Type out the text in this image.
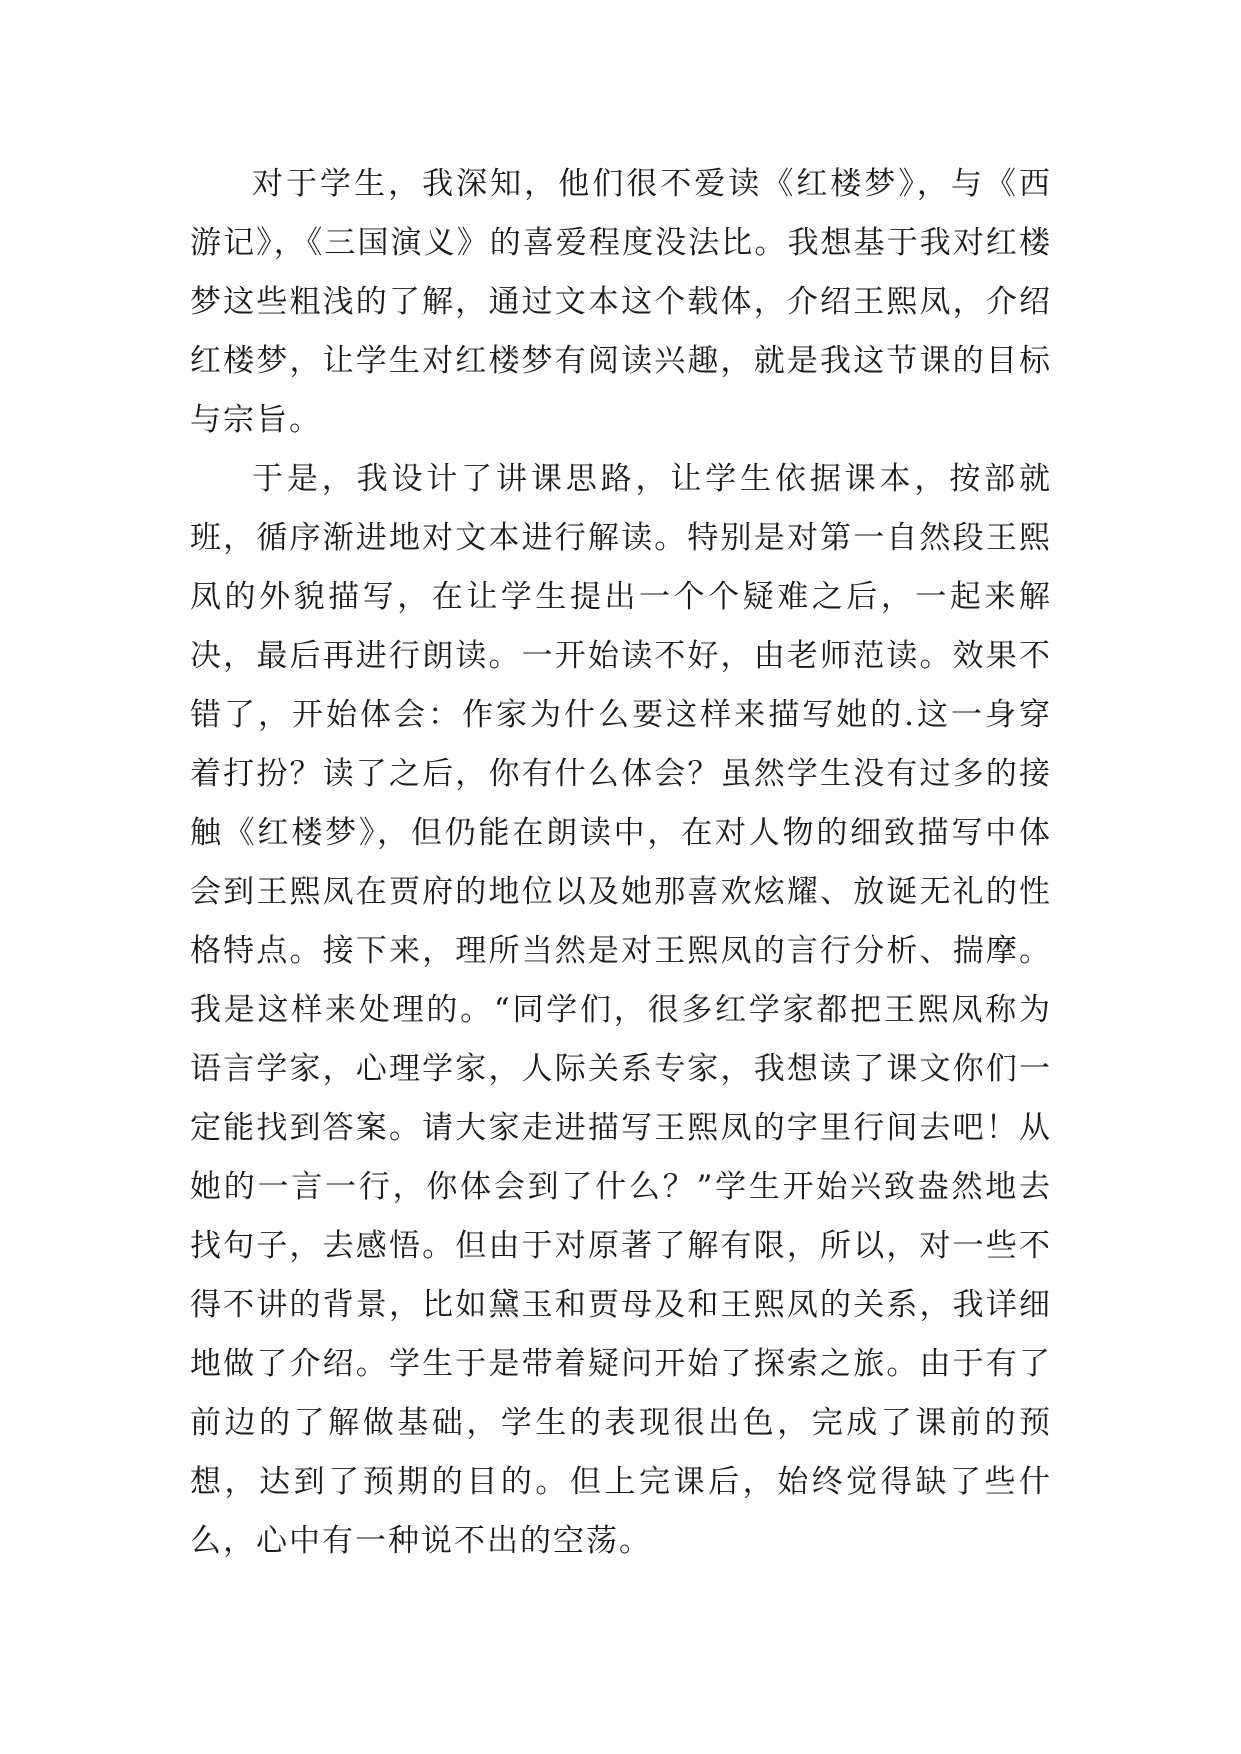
对于学生，我深知，他们很不爱读《红楼梦》，与《西游记》，《三国演义》的喜爱程度没法比。我想基于我对红楼梦这些粗浅的了解，通过文本这个载体，介绍王熙凤，介绍红楼梦，让学生对红楼梦有阅读兴趣，就是我这节课的目标与宗旨。

于是，我设计了讲课思路，让学生依据课本，按部就班，循序渐进地对文本进行解读。特别是对第一自然段王熙凤的外貌描写，在让学生提出一个个疑难之后，一起来解决，最后再进行朗读。一开始读不好，由老师范读。效果不错了，开始体会：作家为什么要这样来描写她的.这一身穿着打扮？读了之后，你有什么体会？虽然学生没有过多的接触《红楼梦》，但仍能在朗读中，在对人物的细致描写中体会到王熙凤在贾府的地位以及她那喜欢炫耀、放诞无礼的性格特点。接下来，理所当然是对王熙凤的言行分析、揣摩。我是这样来处理的。“同学们，很多红学家都把王熙凤称为语言学家，心理学家，人际关系专家，我想读了课文你们一定能找到答案。请大家走进描写王熙凤的字里行间去吧！从她的一言一行，你体会到了什么？”学生开始兴致盎然地去找句子，去感悟。但由于对原著了解有限，所以，对一些不得不讲的背景，比如黛玉和贾母及和王熙凤的关系，我详细地做了介绍。学生于是带着疑问开始了探索之旅。由于有了前边的了解做基础，学生的表现很出色，完成了课前的预想，达到了预期的目的。但上完课后，始终觉得缺了些什么，心中有一种说不出的空荡。
